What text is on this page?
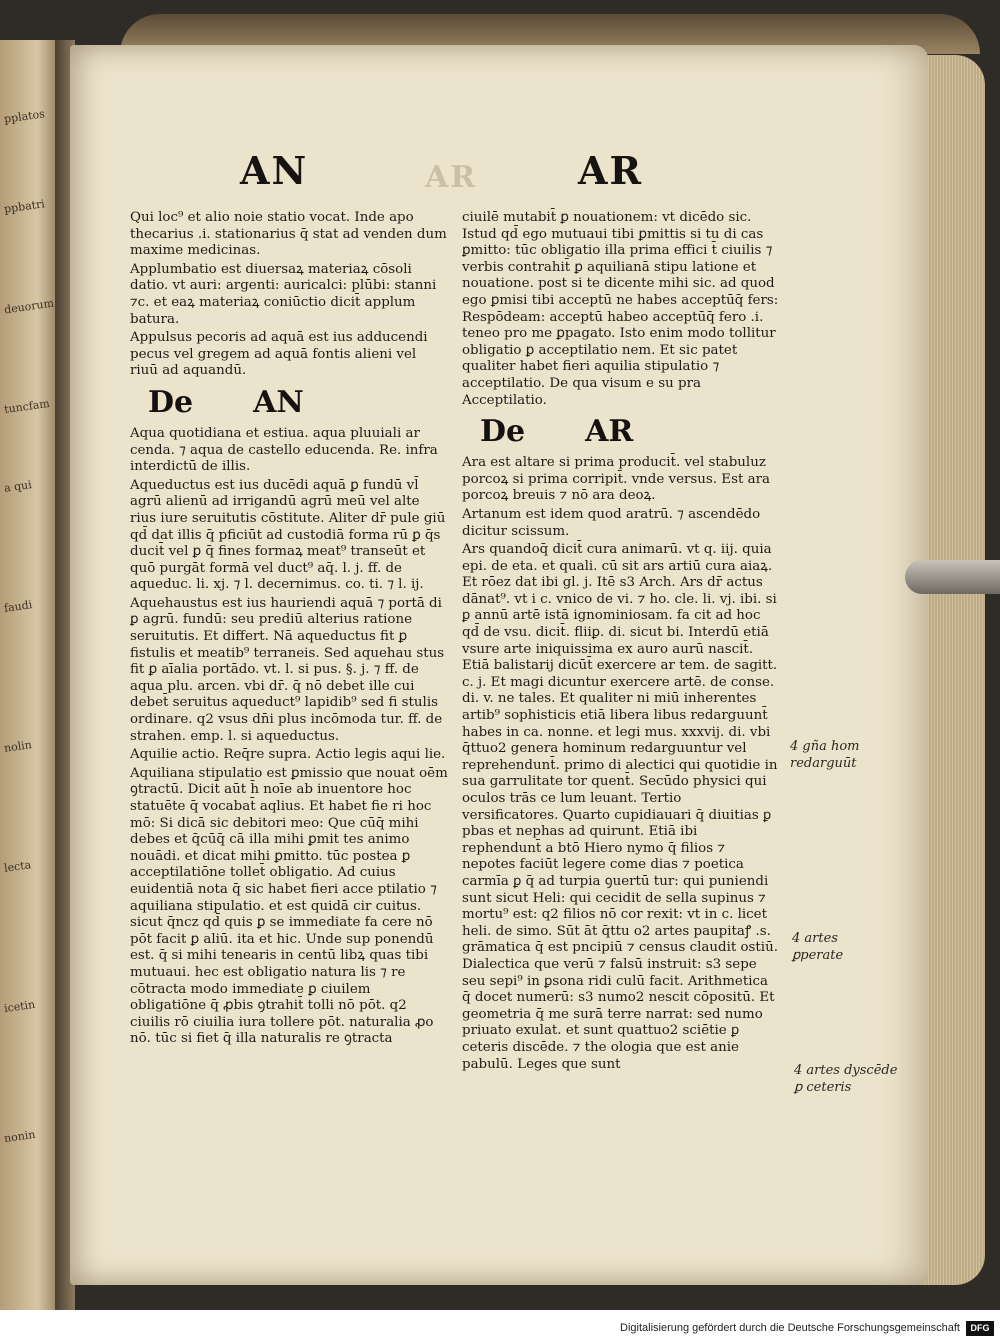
pplatos
ppbatri
deuorum
tuncfam
a qui
faudi
nolin
lecta
icetin
nonin
AN	AR	AR

Qui loc⁹ et alio noie statio vocat. Inde apo thecarius .i. stationarius q̄ stat ad venden dum maxime medicinas.

Applumbatio est diuersaꝝ materiaꝝ cōsoli datio. vt auri: argenti: auricalci: plūbi: stanni ⁊c. et eaꝝ materiaꝝ coniūctio dicit̄ applum batura.

Appulsus pecoris ad aquā est ius adducendi pecus vel gregem ad aquā fontis alieni vel riuū ad aquandū.

De AN

Aqua quotidiana et estiua. aqua pluuiali ar cenda. ⁊ aqua de castello educenda. Re. infra interdictū de illis.

Aqueductus est ius ducēdi aquā ꝑ fundū vl̄ agrū alienū ad irrigandū agrū meū vel alte rius iure seruitutis cōstitute. Aliter dr̄ pule giū qd̄ dat illis q̄ pficiūt ad custodiā forma rū ꝑ q̄s ducit̄ vel ꝑ q̄ fines formaꝝ meat⁹ transeūt et quō purgāt formā vel duct⁹ aq̄. l. j. ff. de aqueduc. li. xj. ⁊ l. decernimus. co. ti. ⁊ l. ij.

Aquehaustus est ius hauriendi aquā ⁊ portā di ꝑ agrū. fundū: seu prediū alterius ratione seruitutis. Et differt. Nā aqueductus fit ꝑ fistulis et meatib⁹ terraneis. Sed aquehau stus fit ꝑ aīalia portādo. vt. l. si pus. §. j. ⁊ ff. de aqua plu. arcen. vbi dr̄. q̄ nō debet ille cui debet̄ seruitus aqueduct⁹ lapidib⁹ sed fi stulis ordinare. q2 vsus dn̄i plus incōmoda tur. ff. de strahen. emp. l. si aqueductus.

Aquilie actio. Req̄re supra. Actio legis aqui lie.

Aquiliana stipulatio est ꝑmissio que nouat oēm ꝯtractū. Dicit̄ aūt h̄ noīe ab inuentore hoc statuēte q̄ vocabat̄ aqlius. Et habet fie ri hoc mō: Si dicā sic debitori meo: Que cūq̄ mihi debes et q̄cūq̄ cā illa mihi ꝑmit tes animo nouādi. et dicat mihi ꝑmitto. tūc postea ꝑ acceptilatiōne tollet̄ obligatio. Ad cuius euidentiā nota q̄ sic habet fieri acce ptilatio ⁊ aquiliana stipulatio. et est quidā cir cuitus. sicut q̄ncz qd̄ quis ꝑ se immediate fa cere nō pōt facit ꝑ aliū. ita et hic. Unde sup ponendū est. q̄ si mihi tenearis in centū libꝝ quas tibi mutuaui. hec est obligatio natura lis ⁊ re cōtracta modo immediate ꝑ ciuilem obligatiōne q̄ ꝓbis ꝯtrahit̄ tolli nō pōt. q2 ciuilis rō ciuilia iura tollere pōt. naturalia ꝓo nō. tūc si fiet q̄ illa naturalis re ꝯtracta

ciuilē mutabit̄ ꝑ nouationem: vt dicēdo sic. Istud qd̄ ego mutuaui tibi ꝑmittis si tu di cas ꝑmitto: tūc obligatio illa prima effici t̄ ciuilis ⁊ verbis contrahit̄ ꝑ aquilianā stipu latione et nouatione. post si te dicente mihi sic. ad quod ego ꝑmisi tibi acceptū ne habes acceptūq̄ fers: Respōdeam: acceptū habeo acceptūq̄ fero .i. teneo pro me ꝑpagato. Isto enim modo tollitur obligatio ꝑ acceptilatio nem. Et sic patet qualiter habet fieri aquilia stipulatio ⁊ acceptilatio. De qua visum e su pra Acceptilatio.

De AR

Ara est altare si prima producit̄. vel stabuluz porcoꝝ si prima corripit̄. vnde versus. Est ara porcoꝝ breuis ⁊ nō ara deoꝝ.

Artanum est idem quod aratrū. ⁊ ascendēdo dicitur scissum.

Ars quandoq̄ dicit̄ cura animarū. vt q. iij. quia epi. de eta. et quali. cū sit ars artiū cura aiaꝝ. Et rōez dat ibi gl. j. Itē s3 Arch. Ars dr̄ actus dānat⁹. vt i c. vnico de vi. ⁊ ho. cle. li. vj. ibi. si ꝑ annū artē istā ignominiosam. fa cit ad hoc qd̄ de vsu. dicit̄. fliiꝑ. di. sicut bi. Interdū etiā vsure arte iniquissima ex auro aurū nascit̄. Etiā balistarij dicūt̄ exercere ar tem. de sagitt. c. j. Et magi dicuntur exercere artē. de conse. di. v. ne tales. Et qualiter ni miū inherentes artib⁹ sophisticis etiā libera libus redarguunt̄ habes in ca. nonne. et legi mus. xxxvij. di. vbi q̄ttuo2 genera hominum redarguuntur vel reprehendunt̄. primo di alectici qui quotidie in sua garrulitate tor quent̄. Secūdo physici qui oculos trās ce lum leuant. Tertio versificatores. Quarto cupidiauari q̄ diuitias ꝑ pbas et nephas ad quirunt. Etiā ibi rephendunt̄ a btō Hiero nymo q̄ filios ⁊ nepotes faciūt legere come dias ⁊ poetica carmīa ꝑ q̄ ad turpia ꝯuertū tur: qui puniendi sunt sicut Heli: qui cecidit de sella supinus ⁊ mortu⁹ est: q2 filios nō cor rexit: vt in c. licet heli. de simo. Sūt āt q̄ttu o2 artes paupitaꝭ .s. grāmatica q̄ est pncipiū ⁊ census claudit ostiū. Dialectica que verū ⁊ falsū instruit: s3 sepe seu sepi⁹ in ꝑsona ridi culū facit. Arithmetica q̄ docet numerū: s3 numo2 nescit cōpositū. Et geometria q̄ me surā terre narrat: sed numo priuato exulat. et sunt quattuo2 sciētie ꝑ ceteris discēde. ⁊ the ologia que est anie pabulū. Leges que sunt

4 gña hom
redarguūt
4 artes
ꝑperate
4 artes dyscēde
ꝑ ceteris
Digitalisierung gefördert durch die Deutsche Forschungsgemeinschaft	DFG
